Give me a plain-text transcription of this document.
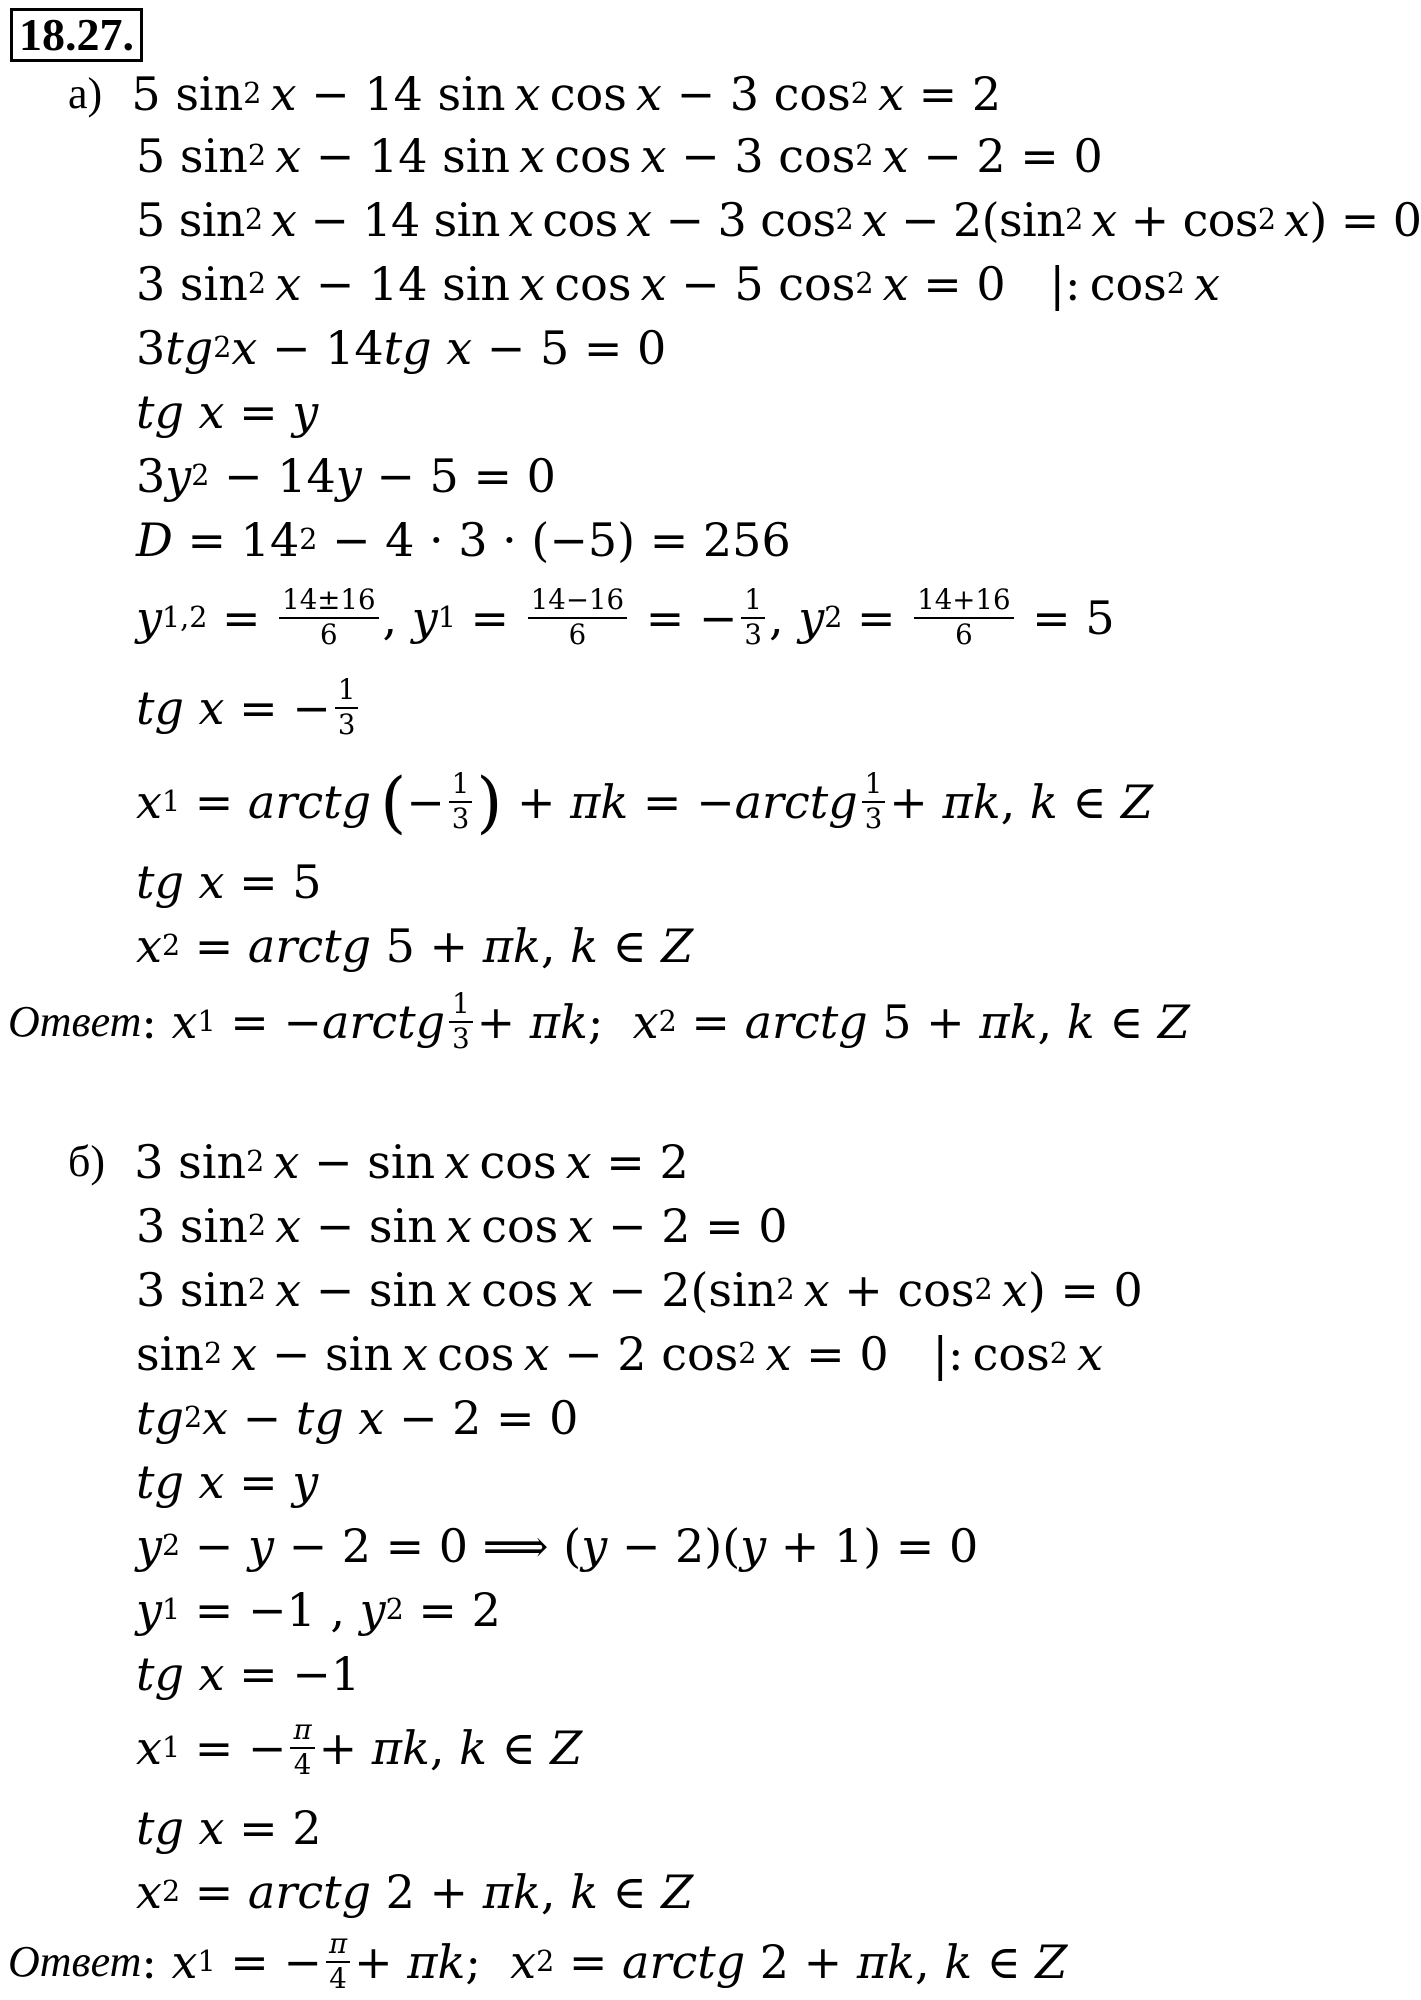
18.27.
а) 5 sin 2
  x − 14 sin  x  cos  x − 3 cos 2
  x = 2
5 sin 2
  x − 14 sin  x  cos  x − 3 cos 2
  x − 2 = 0
5 sin 2
  x − 14 sin  x  cos  x − 3 cos 2
  x − 2(sin 2
  x + cos 2
  x ) = 0
3 sin 2
  x − 14 sin  x  cos  x − 5 cos 2
  x = 0   |: cos 2
  x
3 tg 2 x − 14 tg x − 5 = 0
tg x = y
3 y 2 − 14 y − 5 = 0
D = 14 2 − 4 · 3 · (−5) = 256
y $1,2 = \frac{14\pm 16}{6}$ , y $1 = \frac{14-16}{6}$ = − $\frac{1}{3}$ , y $2 = \frac{14+16}{6} = 5$
tg x = − $\frac{1}{3}$
x 1 = arctg
  ( − $\frac{1}{3}$ ) + πk = − arctg $\frac{1}{3} + \pi k$ , k ∈ Z
tg x = 5
x 2 = arctg 5 + πk , k ∈ Z
Ответ : x 1 = − arctg $\frac{1}{3} + \pi k$ ; x 2 = arctg 5 + πk , k ∈ Z
б) 3 sin 2
  x − sin  x  cos  x = 2
3 sin 2
  x − sin  x  cos  x − 2 = 0
3 sin 2
  x − sin  x  cos  x − 2(sin 2
  x + cos 2
  x ) = 0
sin 2
  x − sin  x  cos  x − 2 cos 2
  x = 0   |: cos 2
  x
tg 2 x − tg x − 2 = 0
tg x = y
y 2 − y − 2 = 0 ⟹ ( y − 2)( y + 1) = 0
y 1 = −1 , y 2 = 2
tg x = −1
x 1 = − $\frac{\pi}{4} + \pi k$ , k ∈ Z
tg x = 2
x 2 = arctg 2 + πk , k ∈ Z
Ответ : x 1 = − $\frac{\pi}{4} + \pi k$ ; x 2 = arctg 2 + πk , k ∈ Z
